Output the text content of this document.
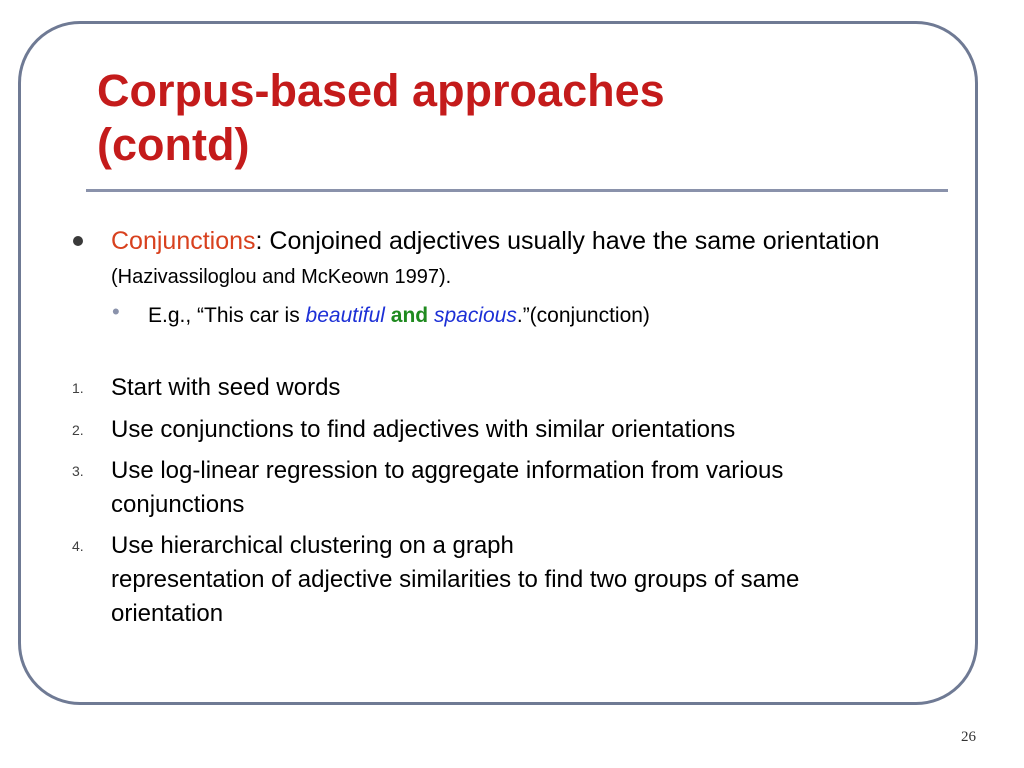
Corpus-based approaches
(contd)
Conjunctions: Conjoined adjectives usually have the same orientation (Hazivassiloglou and McKeown 1997).
• E.g., “This car is beautiful and spacious.”(conjunction)
1. Start with seed words
2. Use conjunctions to find adjectives with similar orientations
3. Use log-linear regression to aggregate information from various
conjunctions
4. Use hierarchical clustering on a graph
representation of adjective similarities to find two groups of same
orientation
26
